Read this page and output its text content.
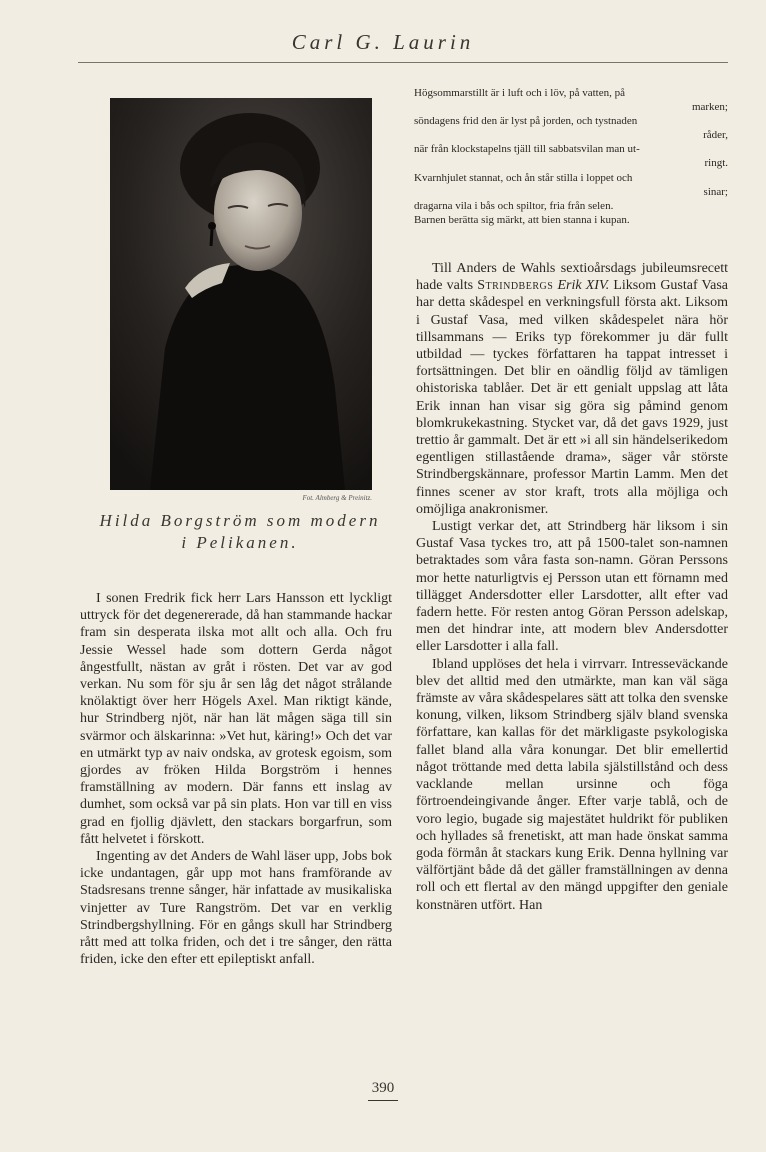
Carl G. Laurin
Fot. Almberg & Preinitz.
Hilda Borgström som modern
i Pelikanen.
Högsommarstillt är i luft och i löv, på vatten, på
marken;
söndagens frid den är lyst på jorden, och tystnaden
råder,
när från klockstapelns tjäll till sabbatsvilan man ut-
ringt.
Kvarnhjulet stannat, och ån står stilla i loppet och
sinar;
dragarna vila i bås och spiltor, fria från selen.
Barnen berätta sig märkt, att bien stanna i kupan.

I sonen Fredrik fick herr Lars Hansson ett lyckligt uttryck för det degenererade, då han stammande hackar fram sin desperata ilska mot allt och alla. Och fru Jessie Wessel hade som dottern Gerda något ångestfullt, nästan av gråt i rösten. Det var av god verkan. Nu som för sju år sen låg det något strålande knölaktigt över herr Högels Axel. Man riktigt kände, hur Strindberg njöt, när han lät mågen säga till sin svärmor och älskarinna: »Vet hut, käring!» Och det var en utmärkt typ av naiv ondska, av grotesk egoism, som gjordes av fröken Hilda Borgström i hennes framställning av modern. Där fanns ett inslag av dumhet, som också var på sin plats. Hon var till en viss grad en fjollig djävlett, den stackars borgarfrun, som fått helvetet i förskott.

Ingenting av det Anders de Wahl läser upp, Jobs bok icke undantagen, går upp mot hans framförande av Stadsresans trenne sånger, här infattade av musikaliska vinjetter av Ture Rangström. Det var en verklig Strindbergshyllning. För en gångs skull har Strindberg rått med att tolka friden, och det i tre sånger, den rätta friden, icke den efter ett epileptiskt anfall.

Till Anders de Wahls sextioårsdags jubileumsrecett hade valts Strindbergs Erik XIV. Liksom Gustaf Vasa har detta skådespel en verkningsfull första akt. Liksom i Gustaf Vasa, med vilken skådespelet nära hör tillsammans — Eriks typ förekommer ju där fullt utbildad — tyckes författaren ha tappat intresset i fortsättningen. Det blir en oändlig följd av tämligen ohistoriska tablåer. Det är ett genialt uppslag att låta Erik innan han visar sig göra sig påmind genom blomkrukekastning. Stycket var, då det gavs 1929, just trettio år gammalt. Det är ett »i all sin händelserikedom egentligen stillastående drama», säger vår störste Strindbergskännare, professor Martin Lamm. Men det finnes scener av stor kraft, trots alla möjliga och omöjliga anakronismer.

Lustigt verkar det, att Strindberg här liksom i sin Gustaf Vasa tyckes tro, att på 1500-talet son-namnen betraktades som våra fasta son-namn. Göran Perssons mor hette naturligtvis ej Persson utan ett förnamn med tillägget Andersdotter eller Larsdotter, allt efter vad fadern hette. För resten antog Göran Persson adelskap, men det hindrar inte, att modern blev Andersdotter eller Larsdotter i alla fall.

Ibland upplöses det hela i virrvarr. Intresseväckande blev det alltid med den utmärkte, man kan väl säga främste av våra skådespelares sätt att tolka den svenske konung, vilken, liksom Strindberg själv bland svenska författare, kan kallas för det märkligaste psykologiska fallet bland alla våra konungar. Det blir emellertid något tröttande med detta labila själstillstånd och dess vacklande mellan ursinne och föga förtroendeingivande ånger. Efter varje tablå, och de voro legio, bugade sig majestätet huldrikt för publiken och hyllades så frenetiskt, att man hade önskat samma goda förmån åt stackars kung Erik. Denna hyllning var välförtjänt både då det gäller framställningen av denna roll och ett flertal av den mängd uppgifter den geniale konstnären utfört. Han

390
